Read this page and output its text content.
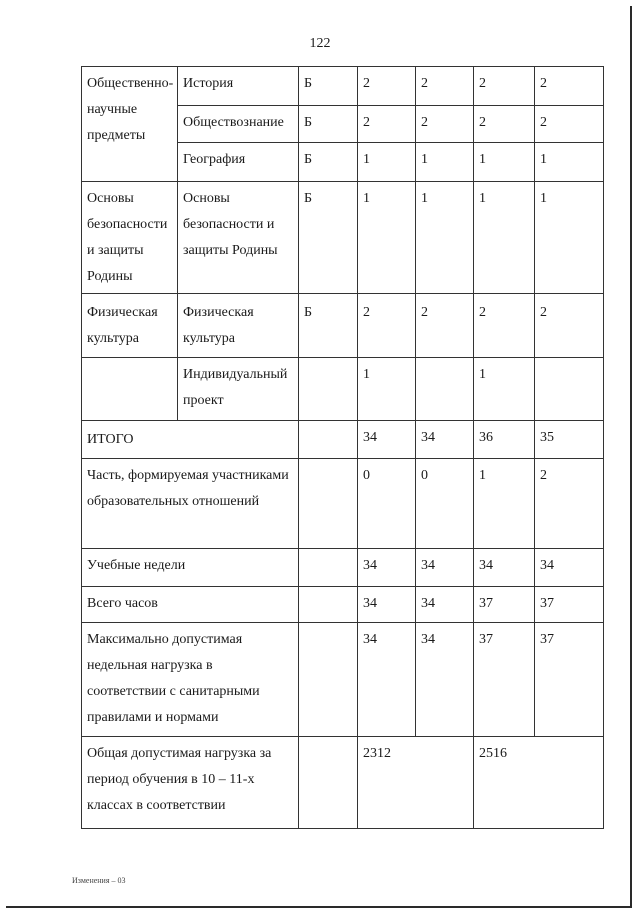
122
Общественно-научные предметы	История	Б	2	2	2	2
	Обществознание	Б	2	2	2	2
	География	Б	1	1	1	1
Основы безопасности и защиты Родины	Основы безопасности и защиты Родины	Б	1	1	1	1
Физическая культура	Физическая культура	Б	2	2	2	2
	Индивидуальный проект		1		1	
ИТОГО			34	34	36	35
Часть, формируемая участниками образовательных отношений			0	0	1	2
Учебные недели			34	34	34	34
Всего часов			34	34	37	37
Максимально допустимая недельная нагрузка в соответствии с санитарными правилами и нормами			34	34	37	37
Общая допустимая нагрузка за период обучения в 10 – 11-х классах в соответствии			2312		2516	
Изменения – 03
